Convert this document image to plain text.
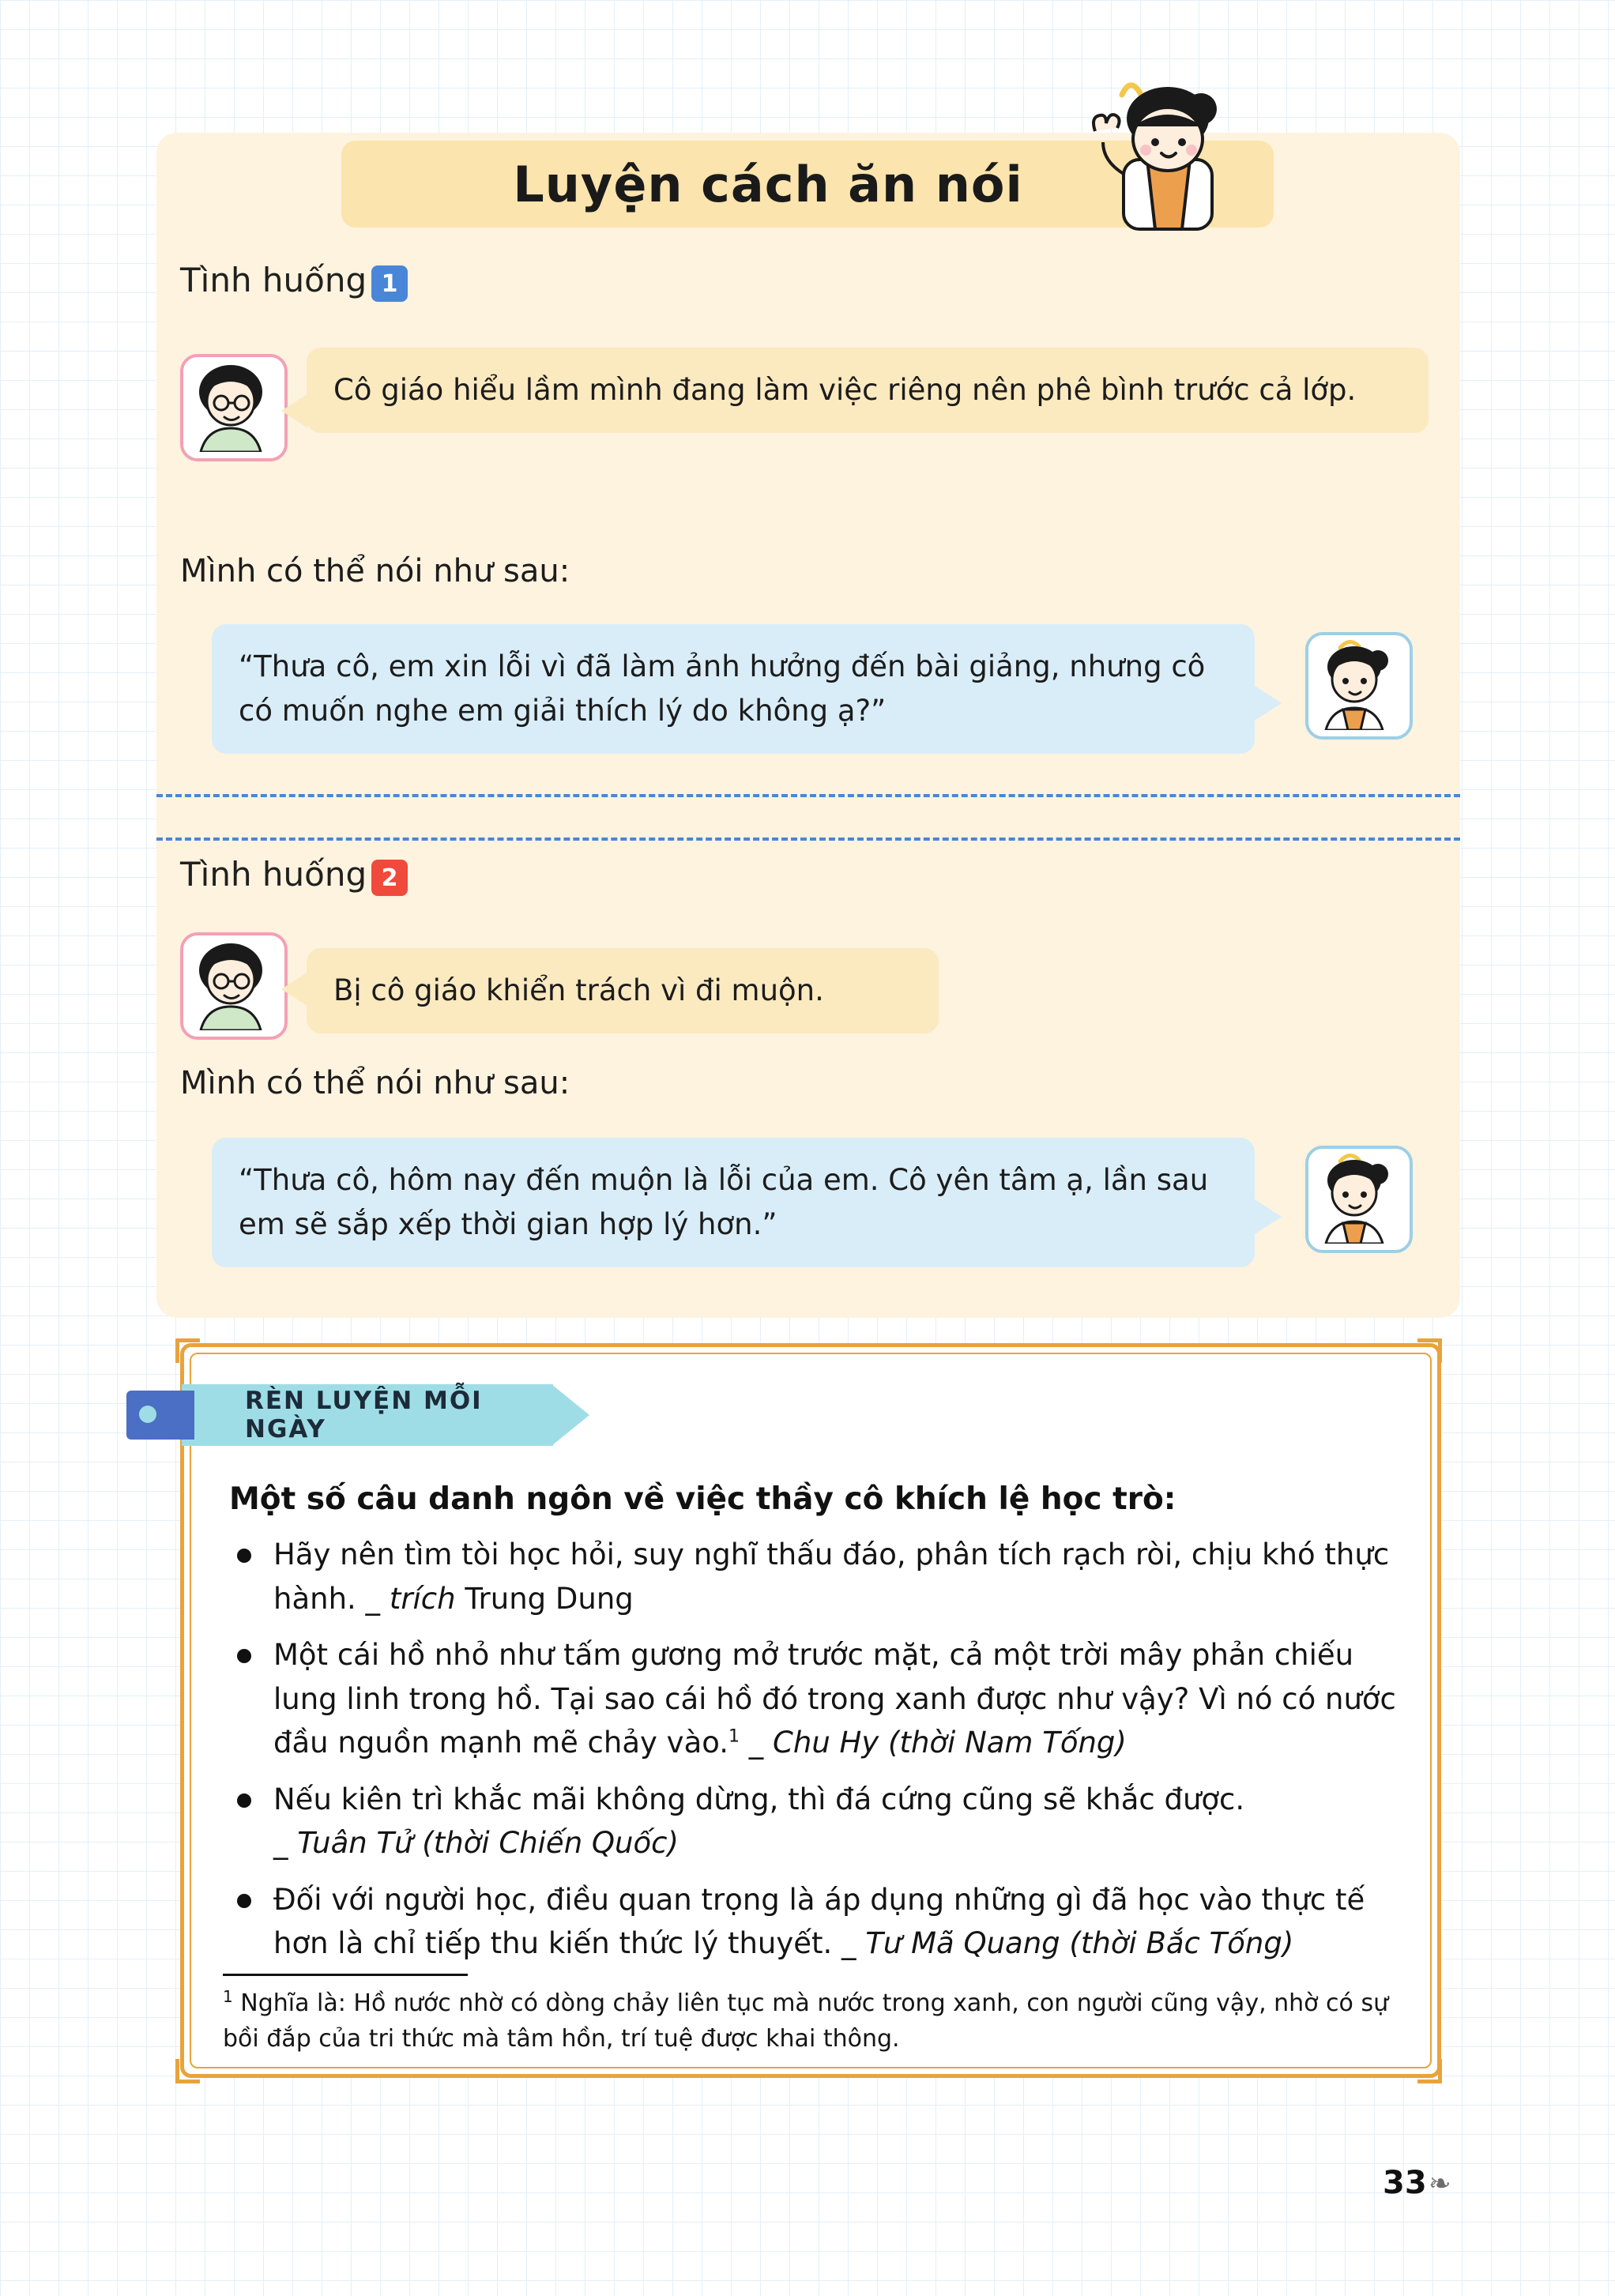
Luyện cách ăn nói
Tình huống 1
Cô giáo hiểu lầm mình đang làm việc riêng nên phê bình trước cả lớp.
Mình có thể nói như sau:
“Thưa cô, em xin lỗi vì đã làm ảnh hưởng đến bài giảng, nhưng cô có muốn nghe em giải thích lý do không ạ?”
Tình huống 2
Bị cô giáo khiển trách vì đi muộn.
Mình có thể nói như sau:
“Thưa cô, hôm nay đến muộn là lỗi của em. Cô yên tâm ạ, lần sau em sẽ sắp xếp thời gian hợp lý hơn.”
RÈN LUYỆN MỖI NGÀY
Một số câu danh ngôn về việc thầy cô khích lệ học trò:
Hãy nên tìm tòi học hỏi, suy nghĩ thấu đáo, phân tích rạch ròi, chịu khó thực hành. _ trích Trung Dung
Một cái hồ nhỏ như tấm gương mở trước mặt, cả một trời mây phản chiếu lung linh trong hồ. Tại sao cái hồ đó trong xanh được như vậy? Vì nó có nước đầu nguồn mạnh mẽ chảy vào.$^1$ _ Chu Hy (thời Nam Tống)
Nếu kiên trì khắc mãi không dừng, thì đá cứng cũng sẽ khắc được.
_ Tuân Tử (thời Chiến Quốc)
Đối với người học, điều quan trọng là áp dụng những gì đã học vào thực tế hơn là chỉ tiếp thu kiến thức lý thuyết. _ Tư Mã Quang (thời Bắc Tống)
$^1$ Nghĩa là: Hồ nước nhờ có dòng chảy liên tục mà nước trong xanh, con người cũng vậy, nhờ có sự bồi đắp của tri thức mà tâm hồn, trí tuệ được khai thông.
33 ❧
